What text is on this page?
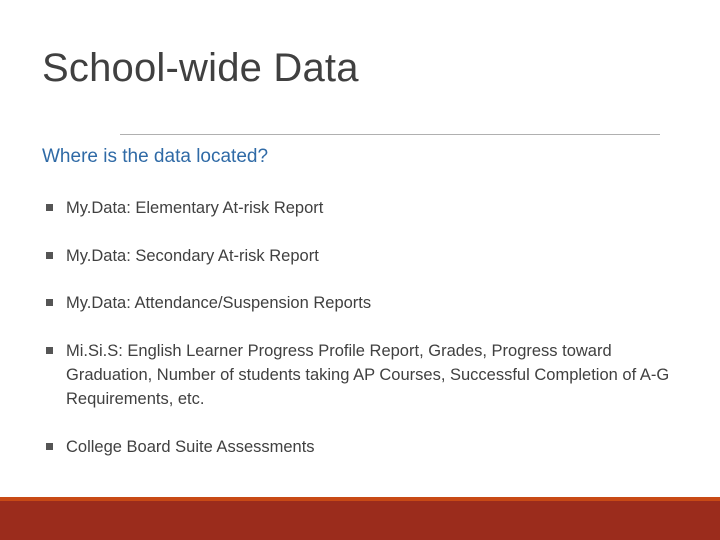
School-wide Data
Where is the data located?
My.Data: Elementary At-risk Report
My.Data: Secondary At-risk Report
My.Data: Attendance/Suspension Reports
Mi.Si.S: English Learner Progress Profile Report, Grades, Progress toward Graduation, Number of students taking AP Courses, Successful Completion of A-G Requirements, etc.
College Board Suite Assessments
